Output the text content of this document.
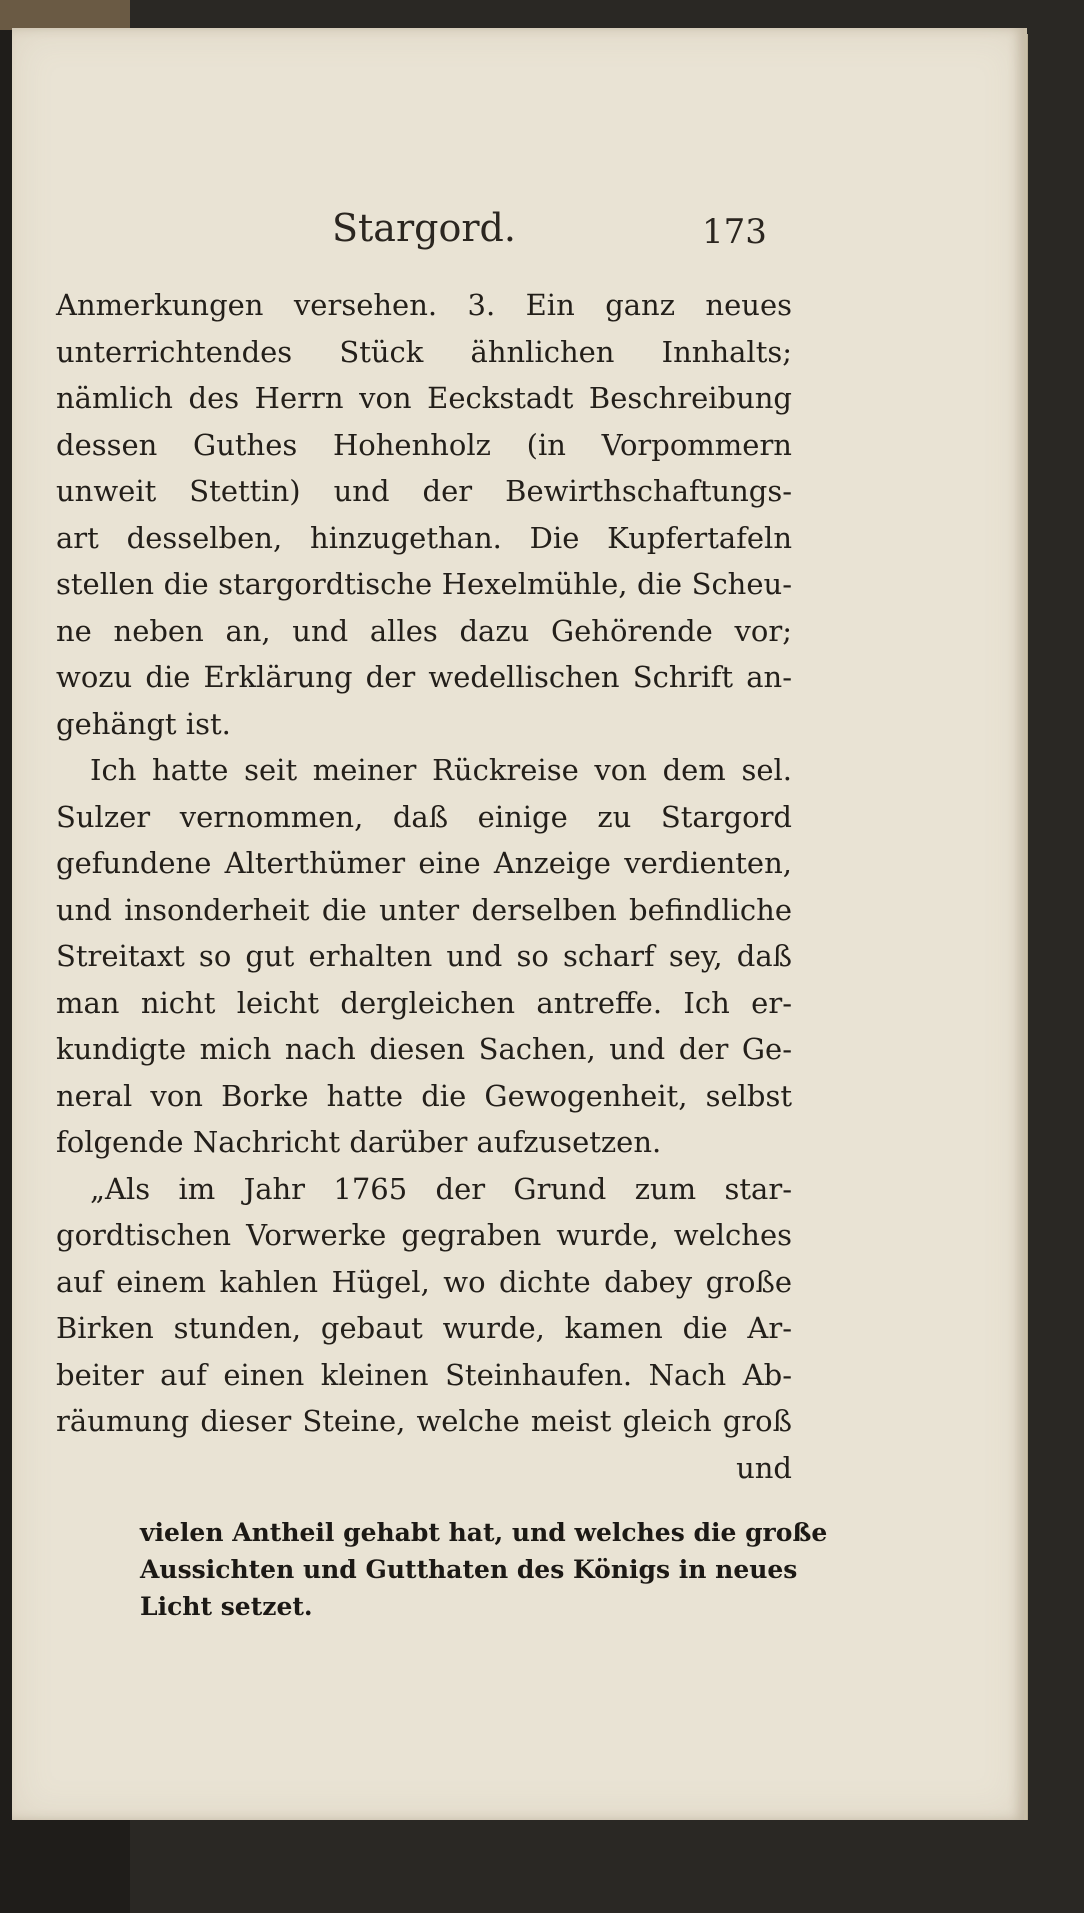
Stargord.	173
Anmerkungen versehen. 3. Ein ganz neues
unterrichtendes Stück ähnlichen Innhalts;
nämlich des Herrn von Eeckstadt Beschreibung
dessen Guthes Hohenholz (in Vorpommern
unweit Stettin) und der Bewirthschaftungs-
art desselben, hinzugethan. Die Kupfertafeln
stellen die stargordtische Hexelmühle, die Scheu-
ne neben an, und alles dazu Gehörende vor;
wozu die Erklärung der wedellischen Schrift an-
gehängt ist.
Ich hatte seit meiner Rückreise von dem sel.
Sulzer vernommen, daß einige zu Stargord
gefundene Alterthümer eine Anzeige verdienten,
und insonderheit die unter derselben befindliche
Streitaxt so gut erhalten und so scharf sey, daß
man nicht leicht dergleichen antreffe. Ich er-
kundigte mich nach diesen Sachen, und der Ge-
neral von Borke hatte die Gewogenheit, selbst
folgende Nachricht darüber aufzusetzen.
„Als im Jahr 1765 der Grund zum star-
gordtischen Vorwerke gegraben wurde, welches
auf einem kahlen Hügel, wo dichte dabey große
Birken stunden, gebaut wurde, kamen die Ar-
beiter auf einen kleinen Steinhaufen. Nach Ab-
räumung dieser Steine, welche meist gleich groß
und
vielen Antheil gehabt hat, und welches die große
Aussichten und Gutthaten des Königs in neues
Licht setzet.
